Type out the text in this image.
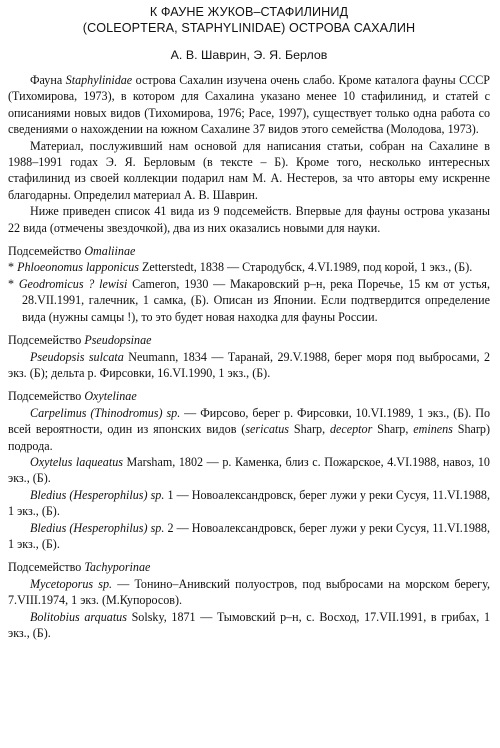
К ФАУНЕ ЖУКОВ–СТАФИЛИНИД
(COLEOPTERA, STAPHYLINIDAE) ОСТРОВА САХАЛИН
А. В. Шаврин, Э. Я. Берлов

Фауна Staphylinidae острова Сахалин изучена очень слабо. Кроме каталога фауны СССР (Тихомирова, 1973), в котором для Сахалина указано менее 10 стафилинид, и статей с описаниями новых видов (Тихомирова, 1976; Pace, 1997), существует только одна работа со сведениями о нахождении на южном Сахалине 37 видов этого семейства (Молодова, 1973).

Материал, послуживший нам основой для написания статьи, собран на Сахалине в 1988–1991 годах Э. Я. Берловым (в тексте – Б). Кроме того, несколько интересных стафилинид из своей коллекции подарил нам М. А. Нестеров, за что авторы ему искренне благодарны. Определил материал А. В. Шаврин.

Ниже приведен список 41 вида из 9 подсемейств. Впервые для фауны острова указаны 22 вида (отмечены звездочкой), два из них оказались новыми для науки.

Подсемейство Omaliinae

* Phloeonomus lapponicus Zetterstedt, 1838 — Стародубск, 4.VI.1989, под корой, 1 экз., (Б).

* Geodromicus ? lewisi Cameron, 1930 — Макаровский р–н, река Поречье, 15 км от устья, 28.VII.1991, галечник, 1 самка, (Б). Описан из Японии. Если подтвердится определение вида (нужны самцы !), то это будет новая находка для фауны России.

Подсемейство Pseudopsinae

Pseudopsis sulcata Neumann, 1834 — Таранай, 29.V.1988, берег моря под выбросами, 2 экз. (Б); дельта р. Фирсовки, 16.VI.1990, 1 экз., (Б).

Подсемейство Oxytelinae

Carpelimus (Thinodromus) sp. — Фирсово, берег р. Фирсовки, 10.VI.1989, 1 экз., (Б). По всей вероятности, один из японских видов (sericatus Sharp, deceptor Sharp, eminens Sharp) подрода.

Oxytelus laqueatus Marsham, 1802 — р. Каменка, близ с. Пожарское, 4.VI.1988, навоз, 10 экз., (Б).

Bledius (Hesperophilus) sp. 1 — Новоалександровск, берег лужи у реки Сусуя, 11.VI.1988, 1 экз., (Б).

Bledius (Hesperophilus) sp. 2 — Новоалександровск, берег лужи у реки Сусуя, 11.VI.1988, 1 экз., (Б).

Подсемейство Tachyporinae

Mycetoporus sp. — Тонино–Анивский полуостров, под выбросами на морском берегу, 7.VIII.1974, 1 экз. (М.Купоросов).

Bolitobius arquatus Solsky, 1871 — Тымовский р–н, с. Восход, 17.VII.1991, в грибах, 1 экз., (Б).
